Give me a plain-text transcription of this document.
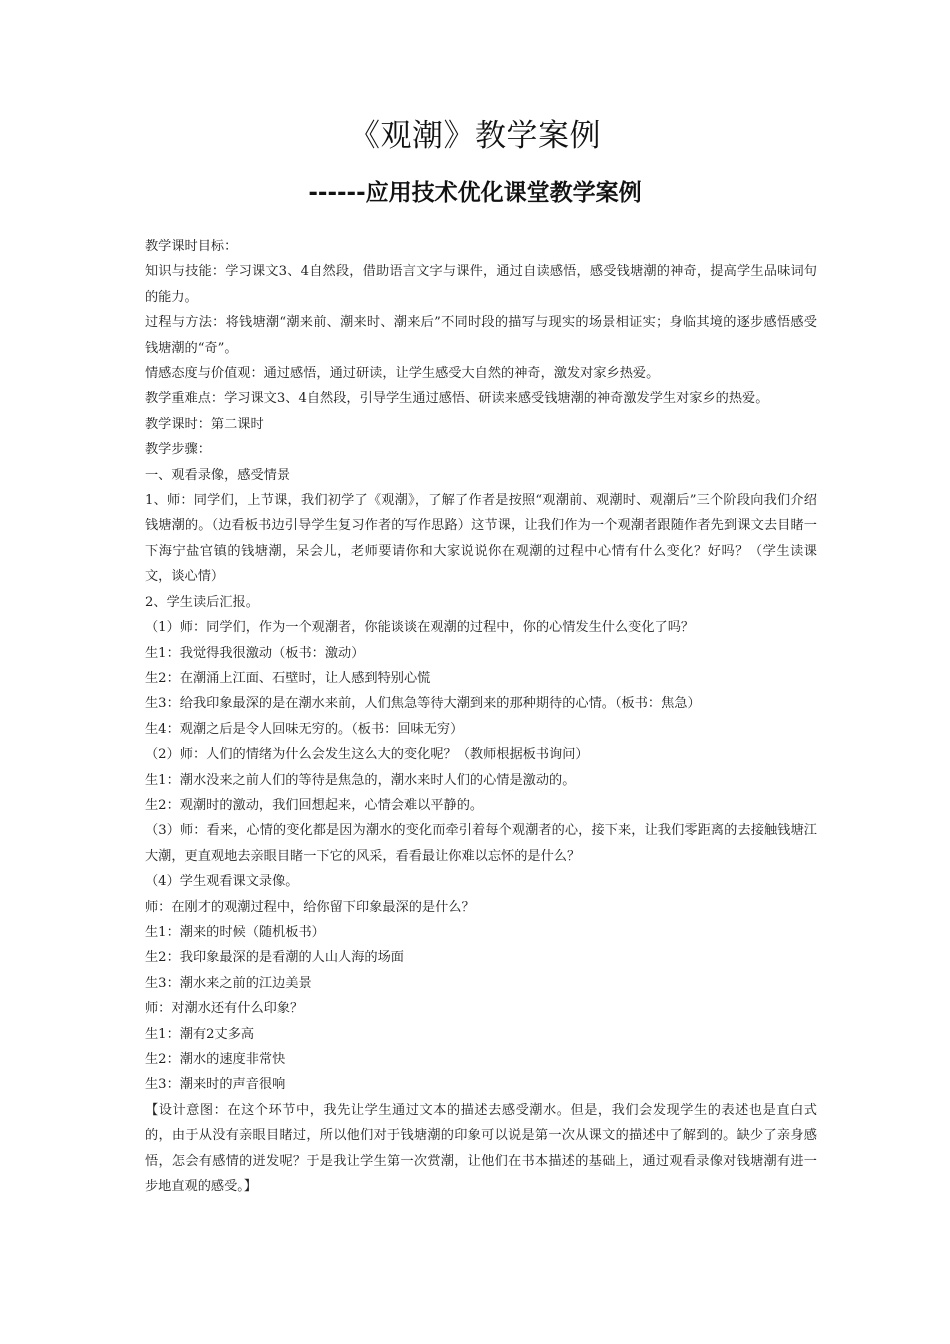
《观潮》教学案例
------应用技术优化课堂教学案例

教学课时目标：

知识与技能：学习课文3、4自然段，借助语言文字与课件，通过自读感悟，感受钱塘潮的神奇，提高学生品味词句的能力。

过程与方法：将钱塘潮“潮来前、潮来时、潮来后”不同时段的描写与现实的场景相证实；身临其境的逐步感悟感受钱塘潮的“奇”。

情感态度与价值观：通过感悟，通过研读，让学生感受大自然的神奇，激发对家乡热爱。

教学重难点：学习课文3、4自然段，引导学生通过感悟、研读来感受钱塘潮的神奇激发学生对家乡的热爱。

教学课时：第二课时

教学步骤：

一、观看录像，感受情景

1、师：同学们，上节课，我们初学了《观潮》，了解了作者是按照“观潮前、观潮时、观潮后”三个阶段向我们介绍钱塘潮的。（边看板书边引导学生复习作者的写作思路）这节课，让我们作为一个观潮者跟随作者先到课文去目睹一下海宁盐官镇的钱塘潮，呆会儿，老师要请你和大家说说你在观潮的过程中心情有什么变化？好吗？（学生读课文，谈心情）

2、学生读后汇报。

（1）师：同学们，作为一个观潮者，你能谈谈在观潮的过程中，你的心情发生什么变化了吗？

生1：我觉得我很激动（板书：激动）

生2：在潮涌上江面、石壁时，让人感到特别心慌

生3：给我印象最深的是在潮水来前，人们焦急等待大潮到来的那种期待的心情。（板书：焦急）

生4：观潮之后是令人回味无穷的。（板书：回味无穷）

（2）师：人们的情绪为什么会发生这么大的变化呢？（教师根据板书询问）

生1：潮水没来之前人们的等待是焦急的，潮水来时人们的心情是激动的。

生2：观潮时的激动，我们回想起来，心情会难以平静的。

（3）师：看来，心情的变化都是因为潮水的变化而牵引着每个观潮者的心，接下来，让我们零距离的去接触钱塘江大潮，更直观地去亲眼目睹一下它的风采，看看最让你难以忘怀的是什么？

（4）学生观看课文录像。

师：在刚才的观潮过程中，给你留下印象最深的是什么？

生1：潮来的时候（随机板书）

生2：我印象最深的是看潮的人山人海的场面

生3：潮水来之前的江边美景

师：对潮水还有什么印象？

生1：潮有2丈多高

生2：潮水的速度非常快

生3：潮来时的声音很响

【设计意图：在这个环节中，我先让学生通过文本的描述去感受潮水。但是，我们会发现学生的表述也是直白式的，由于从没有亲眼目睹过，所以他们对于钱塘潮的印象可以说是第一次从课文的描述中了解到的。缺少了亲身感悟，怎会有感情的迸发呢？于是我让学生第一次赏潮，让他们在书本描述的基础上，通过观看录像对钱塘潮有进一步地直观的感受。】
